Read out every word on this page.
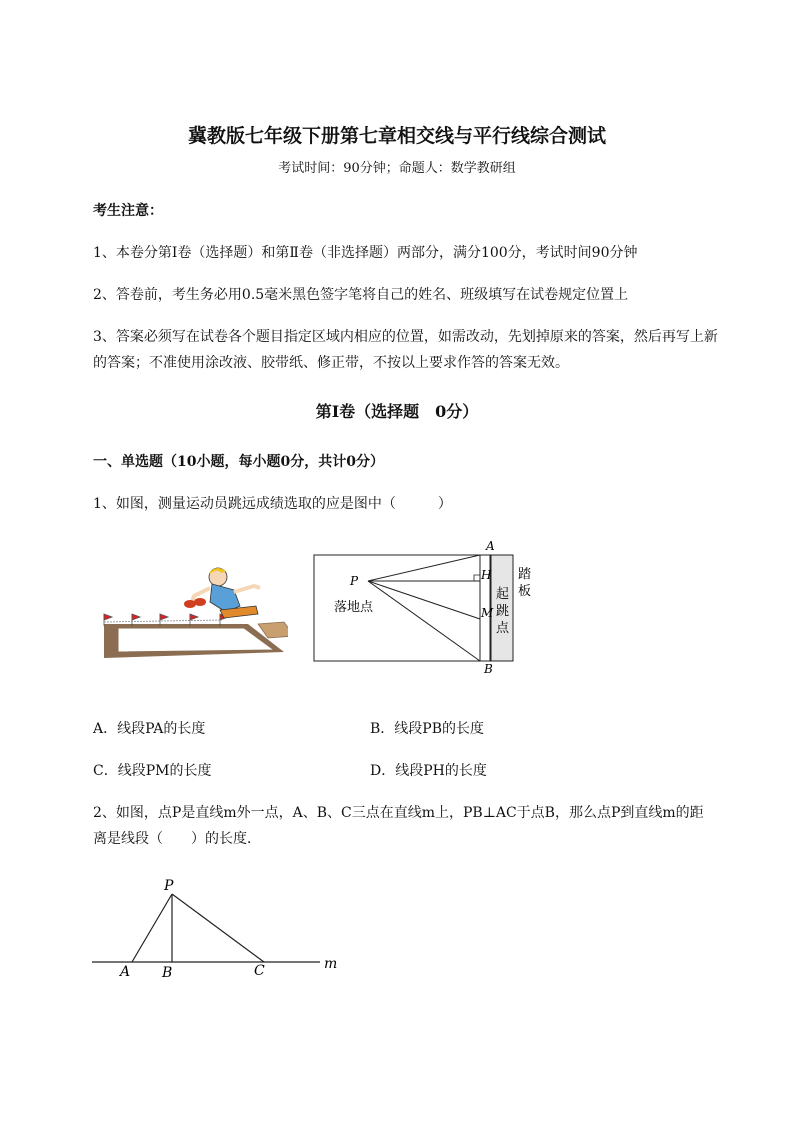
冀教版七年级下册第七章相交线与平行线综合测试
考试时间：90分钟；命题人：数学教研组
考生注意：
1、本卷分第I卷（选择题）和第Ⅱ卷（非选择题）两部分，满分100分，考试时间90分钟
2、答卷前，考生务必用0.5毫米黑色签字笔将自己的姓名、班级填写在试卷规定位置上
3、答案必须写在试卷各个题目指定区域内相应的位置，如需改动，先划掉原来的答案，然后再写上新
的答案；不准使用涂改液、胶带纸、修正带，不按以上要求作答的答案无效。
第I卷（选择题　0分）
一、单选题（10小题，每小题0分，共计0分）
1、如图，测量运动员跳远成绩选取的应是图中（　　　）
A
H
M
B
P
落地点
起
跳
点
踏
板
A．线段PA的长度	B．线段PB的长度
C．线段PM的长度	D．线段PH的长度
2、如图，点P是直线m外一点，A、B、C三点在直线m上，PB⊥AC于点B，那么点P到直线m的距
离是线段（　　）的长度．
P
A B	C	m
